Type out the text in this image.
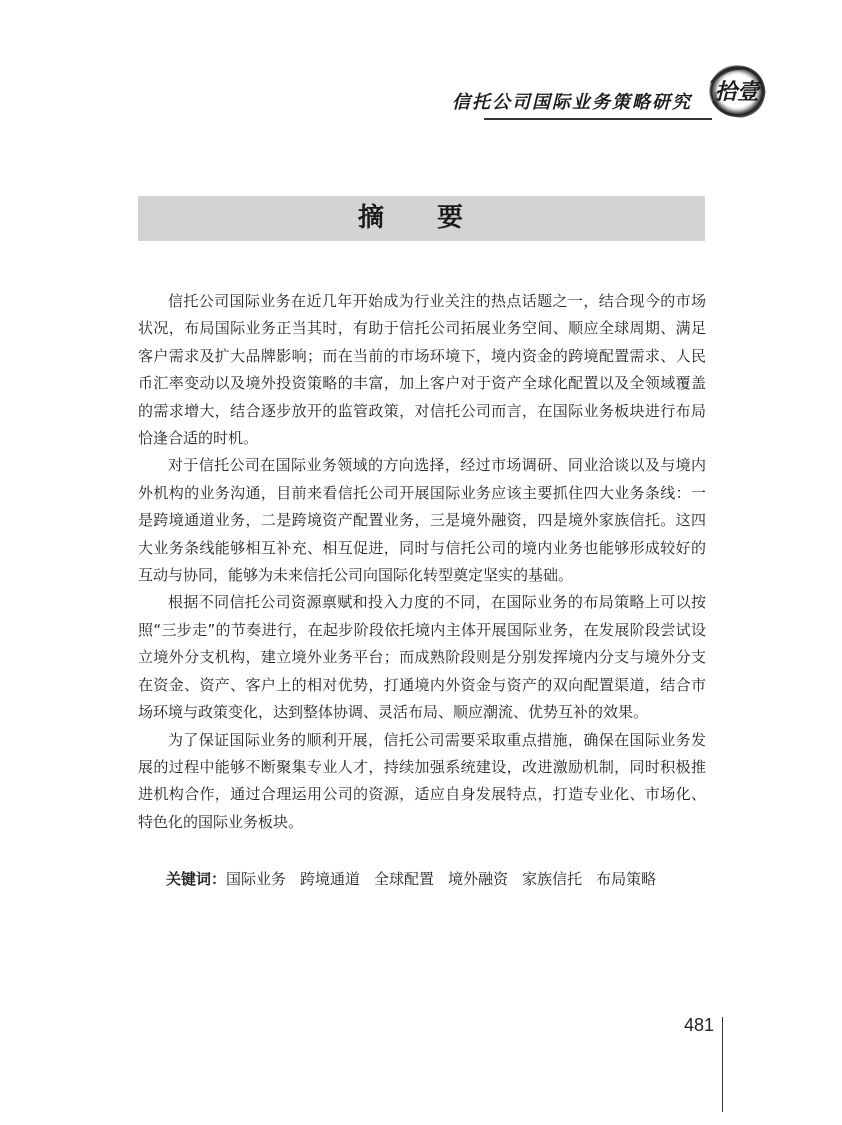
信托公司国际业务策略研究 拾壹
摘 要

信托公司国际业务在近几年开始成为行业关注的热点话题之一，结合现今的市场状况，布局国际业务正当其时，有助于信托公司拓展业务空间、顺应全球周期、满足客户需求及扩大品牌影响；而在当前的市场环境下，境内资金的跨境配置需求、人民币汇率变动以及境外投资策略的丰富，加上客户对于资产全球化配置以及全领域覆盖的需求增大，结合逐步放开的监管政策，对信托公司而言，在国际业务板块进行布局恰逢合适的时机。

对于信托公司在国际业务领域的方向选择，经过市场调研、同业洽谈以及与境内外机构的业务沟通，目前来看信托公司开展国际业务应该主要抓住四大业务条线：一是跨境通道业务，二是跨境资产配置业务，三是境外融资，四是境外家族信托。这四大业务条线能够相互补充、相互促进，同时与信托公司的境内业务也能够形成较好的互动与协同，能够为未来信托公司向国际化转型奠定坚实的基础。

根据不同信托公司资源禀赋和投入力度的不同，在国际业务的布局策略上可以按照“三步走”的节奏进行，在起步阶段依托境内主体开展国际业务，在发展阶段尝试设立境外分支机构，建立境外业务平台；而成熟阶段则是分别发挥境内分支与境外分支在资金、资产、客户上的相对优势，打通境内外资金与资产的双向配置渠道，结合市场环境与政策变化，达到整体协调、灵活布局、顺应潮流、优势互补的效果。

为了保证国际业务的顺利开展，信托公司需要采取重点措施，确保在国际业务发展的过程中能够不断聚集专业人才，持续加强系统建设，改进激励机制，同时积极推进机构合作，通过合理运用公司的资源，适应自身发展特点，打造专业化、市场化、特色化的国际业务板块。

关键词：国际业务 跨境通道 全球配置 境外融资 家族信托 布局策略
481
